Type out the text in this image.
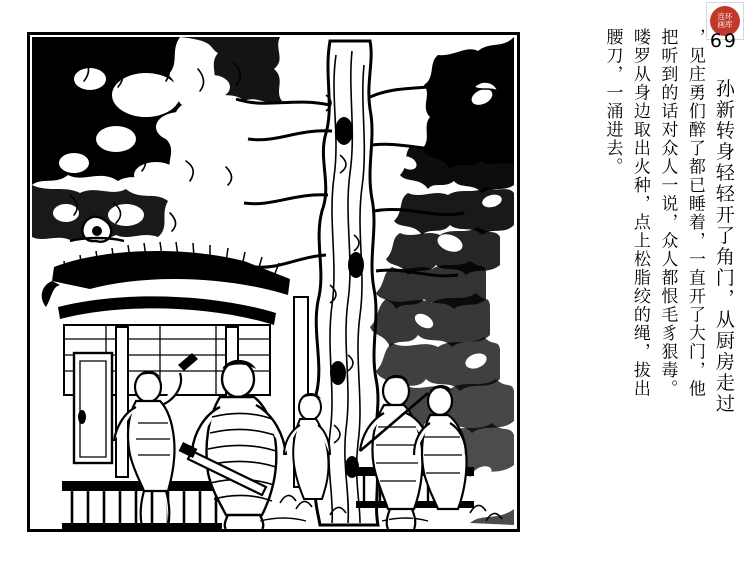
连环
画库
69 孙新转身轻轻开了角门，从厨房走过
，见庄勇们醉了都已睡着，一直开了大门，他
把听到的话对众人一说，众人都恨毛豸狠毒。
喽罗从身边取出火种，点上松脂绞的绳，拔出
腰刀，一涌进去。
